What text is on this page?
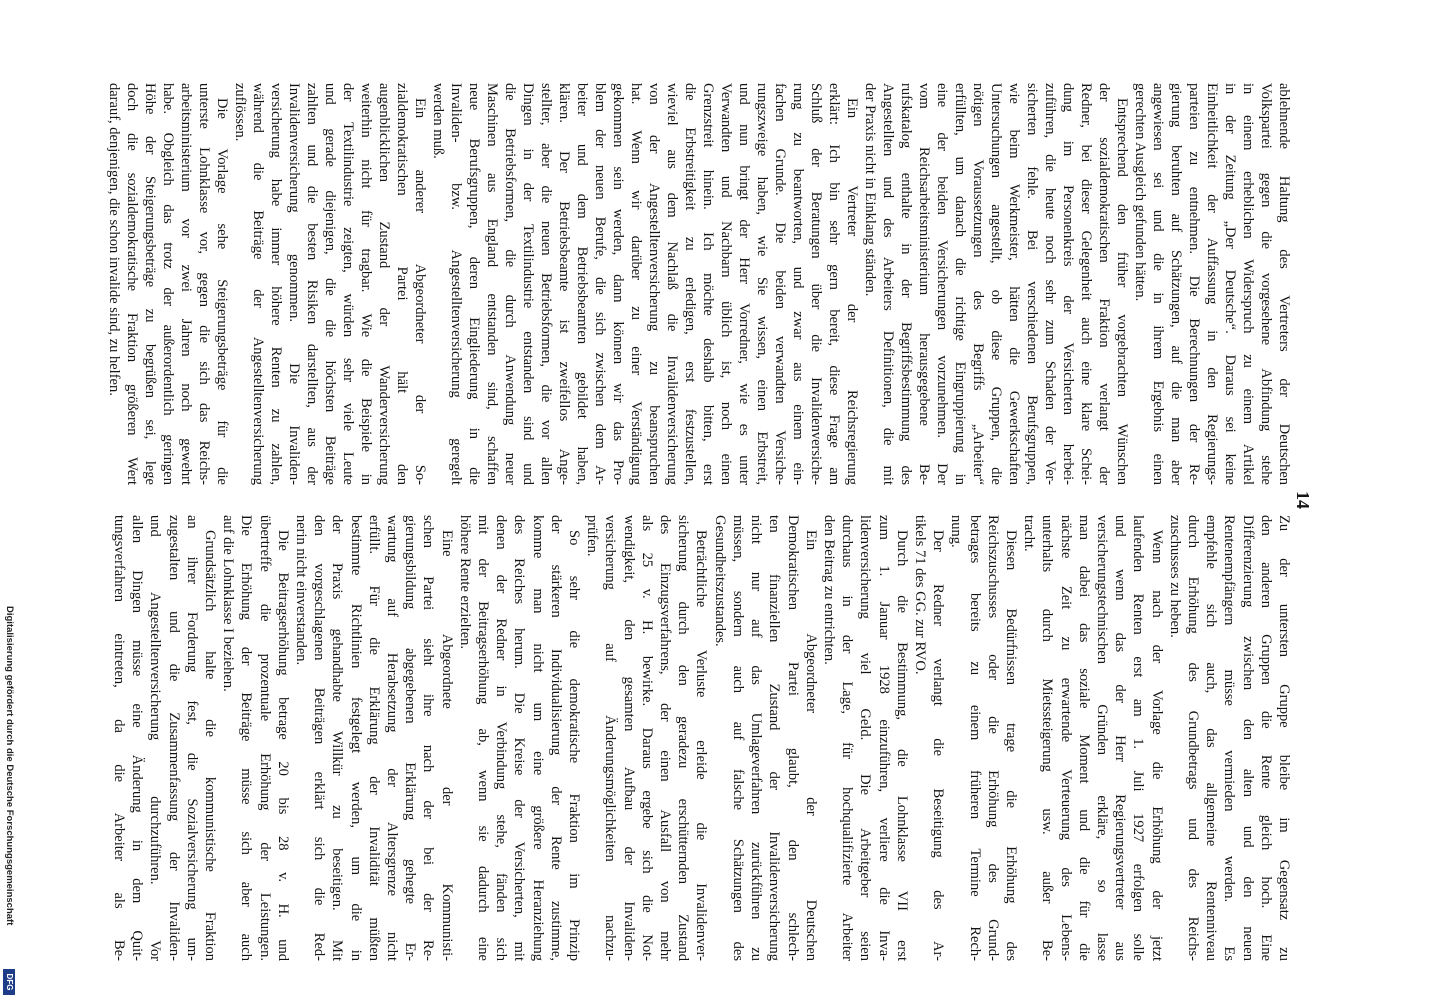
14
ablehnende Haltung des Vertreters der Deutschen
Volkspartei gegen die vorgesehene Abfindung stehe
in einem erheblichen Widerspruch zu einem Artikel
in der Zeitung „Der Deutsche“. Daraus sei keine
Einheitlichkeit der Auffassung in den Regierungs-
parteien zu entnehmen. Die Berechnungen der Re-
gierung beruhten auf Schätzungen, auf die man aber
angewiesen sei und die in ihrem Ergebnis einen
gerechten Ausgleich gefunden hätten.
Entsprechend den früher vorgebrachten Wünschen
der sozialdemokratischen Fraktion verlangt der
Redner, bei dieser Gelegenheit auch eine klare Schei-
dung im Personenkreis der Versicherten herbei-
zuführen, die heute noch sehr zum Schaden der Ver-
sicherten fehle. Bei verschiedenen Berufsgruppen,
wie beim Werkmeister, hätten die Gewerkschaften
Untersuchungen angestellt, ob diese Gruppen, die
nötigen Voraussetzungen des Begriffs „Arbeiter“
erfüllten, um danach die richtige Eingruppierung in
eine der beiden Versicherungen vorzunehmen. Der
vom Reichsarbeitsministerium herausgegebene Be-
rufskatalog enthalte in der Begriffsbestimmung des
Angestellten und des Arbeiters Definitionen, die mit
der Praxis nicht in Einklang ständen.
Ein Vertreter der Reichsregierung
erklärt: Ich bin sehr gern bereit, diese Frage am
Schluß der Beratungen über die Invalidenversiche-
rung zu beantworten, und zwar aus einem ein-
fachen Grunde. Die beiden verwandten Versiche-
rungszweige haben, wie Sie wissen, einen Erbstreit,
und nun bringt der Herr Vorredner, wie es unter
Verwandten und Nachbarn üblich ist, noch einen
Grenzstreit hinein. Ich möchte deshalb bitten, erst
die Erbstreitigkeit zu erledigen, erst festzustellen,
wieviel aus dem Nachlaß die Invalidenversicherung
von der Angestelltenversicherung zu beanspruchen
hat. Wenn wir darüber zu einer Verständigung
gekommen sein werden, dann können wir das Pro-
blem der neuen Berufe, die sich zwischen dem Ar-
beiter und dem Betriebsbeamten gebildet haben,
klären. Der Betriebsbeamte ist zweifellos Ange-
stellter, aber die neuen Betriebsformen, die vor allen
Dingen in der Textilindustrie entstanden sind und
die Betriebsformen, die durch Anwendung neuer
Maschinen aus England entstanden sind, schaffen
neue Berufsgruppen, deren Eingliederung in die
Invaliden- bzw. Angestelltenversicherung geregelt
werden muß.
Ein anderer Abgeordneter der So-
zialdemokratischen Partei hält den
augenblicklichen Zustand der Wanderversicherung
weiterhin nicht für tragbar. Wie die Beispiele in
der Textilindustrie zeigten, würden sehr viele Leute
und gerade diejenigen, die die höchsten Beiträge
zahlten und die besten Risiken darstellten, aus der
Invalidenversicherung genommen. Die Invaliden-
versicherung habe immer höhere Renten zu zahlen,
während die Beiträge der Angestelltenversicherung
zuflössen.
Die Vorlage sehe Steigerungsbeträge für die
unterste Lohnklasse vor, gegen die sich das Reichs-
arbeitsministerium vor zwei Jahren noch gewehrt
habe. Obgleich das trotz der außerordentlich geringen
Höhe der Steigerungsbeträge zu begrüßen sei, lege
doch die sozialdemokratische Fraktion größeren Wert
darauf, denjenigen, die schon invalide sind, zu helfen.
Zu der untersten Gruppe bleibe im Gegensatz zu
den anderen Gruppen die Rente gleich hoch. Eine
Differenzierung zwischen den alten und den neuen
Rentenempfängern müsse vermieden werden. Es
empfehle sich auch, das allgemeine Rentenniveau
durch Erhöhung des Grundbetrags und des Reichs-
zuschusses zu heben.
Wenn nach der Vorlage die Erhöhung der jetzt
laufenden Renten erst am 1. Juli 1927 erfolgen solle
und wenn das der Herr Regierungsvertreter aus
versicherungstechnischen Gründen erkläre, so lasse
man dabei das soziale Moment und die für die
nächste Zeit zu erwartende Verteuerung des Lebens-
unterhalts durch Mietssteigerung usw. außer Be-
tracht.
Diesen Bedürfnissen trage die Erhöhung des
Reichszuschusses oder die Erhöhung des Grund-
betrages bereits zu einem früheren Termine Rech-
nung.
Der Redner verlangt die Beseitigung des Ar-
tikels 71 des GG. zur RVO.
Durch die Bestimmung, die Lohnklasse VII erst
zum 1. Januar 1928 einzuführen, verliere die Inva-
lidenversicherung viel Geld. Die Arbeitgeber seien
durchaus in der Lage, für hochqualifizierte Arbeiter
den Beitrag zu entrichten.
Ein Abgeordneter der Deutschen
Demokratischen Partei glaubt, den schlech-
ten finanziellen Zustand der Invalidenversicherung
nicht nur auf das Umlageverfahren zurückführen zu
müssen, sondern auch auf falsche Schätzungen des
Gesundheitszustandes.
Beträchtliche Verluste erleide die Invalidenver-
sicherung durch den geradezu erschütternden Zustand
des Einzugsverfahrens, der einen Ausfall von mehr
als 25 v. H. bewirke. Daraus ergebe sich die Not-
wendigkeit, den gesamten Aufbau der Invaliden-
versicherung auf Änderungsmöglichkeiten nachzu-
prüfen.
So sehr die demokratische Fraktion im Prinzip
der stärkeren Individualisierung der Rente zustimme,
komme man nicht um eine größere Heranziehung
des Reiches herum. Die Kreise der Versicherten, mit
denen der Redner in Verbindung stehe, fänden sich
mit der Beitragserhöhung ab, wenn sie dadurch eine
höhere Rente erzielten.
Eine Abgeordnete der Kommunisti-
schen Partei sieht ihre nach der bei der Re-
gierungsbildung abgegebenen Erklärung gehegte Er-
wartung auf Herabsetzung der Altersgrenze nicht
erfüllt. Für die Erklärung der Invalidität müßten
bestimmte Richtlinien festgelegt werden, um die in
der Praxis gehandhabte Willkür zu beseitigen. Mit
den vorgeschlagenen Beiträgen erklärt sich die Red-
nerin nicht einverstanden.
Die Beitragserhöhung betrage 20 bis 28 v. H. und
übertreffe die prozentuale Erhöhung der Leistungen.
Die Erhöhung der Beiträge müsse sich aber auch
auf die Lohnklasse I beziehen.
Grundsätzlich halte die kommunistische Fraktion
an ihrer Forderung fest, die Sozialversicherung um-
zugestalten und die Zusammenfassung der Invaliden-
und Angestelltenversicherung durchzuführen. Vor
allen Dingen müsse eine Änderung in dem Quit-
tungsverfahren eintreten, da die Arbeiter als Be-
Digitalisierung gefördert durch die Deutsche Forschungsgemeinschaft
DFG
